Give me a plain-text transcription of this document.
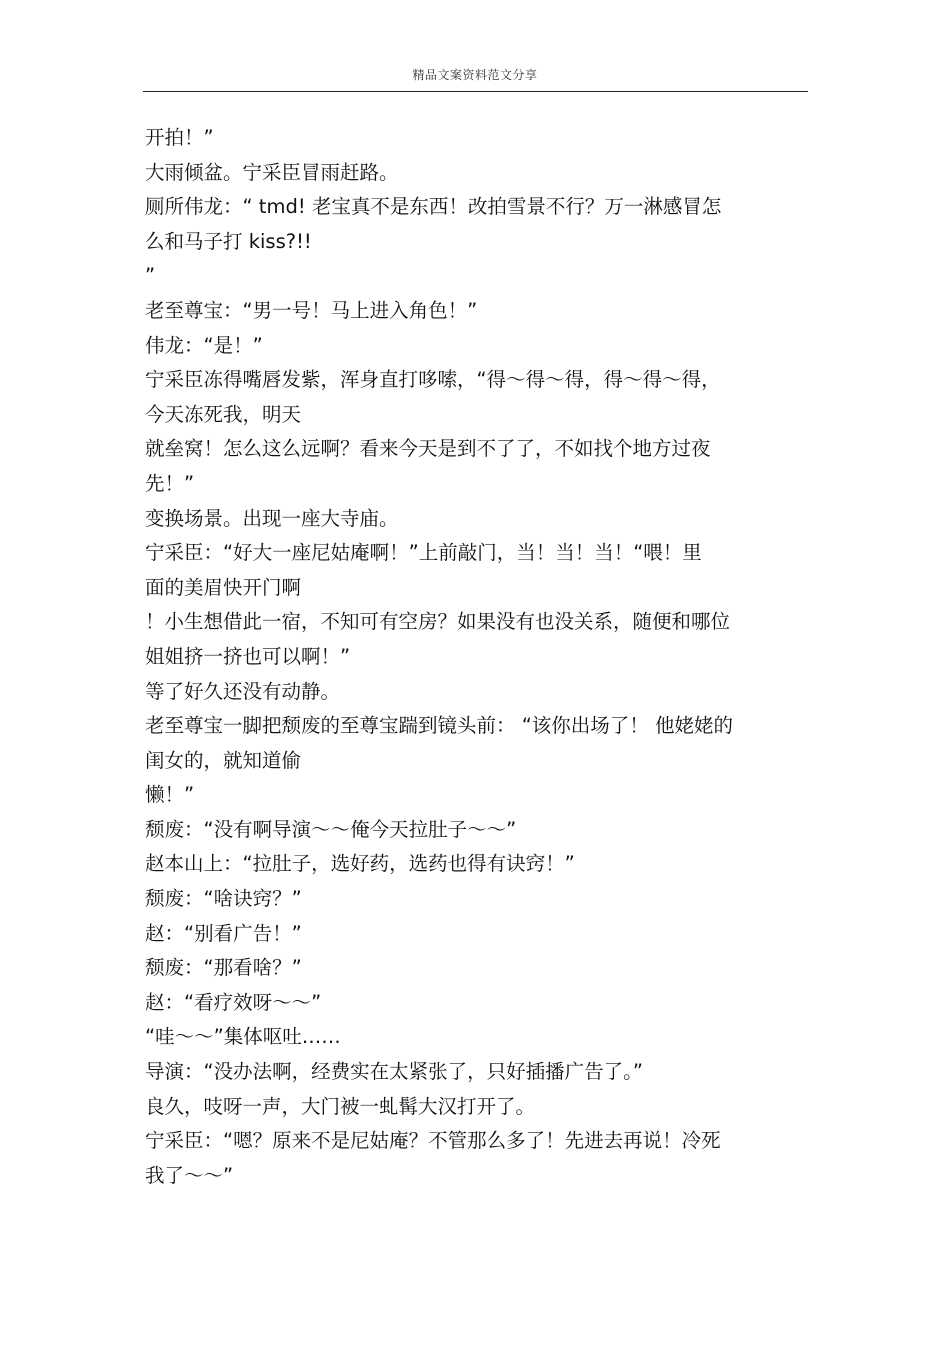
精品文案资料范文分享
开拍！”
大雨倾盆。宁采臣冒雨赶路。
厕所伟龙：“ tmd! 老宝真不是东西！改拍雪景不行？万一淋感冒怎
么和马子打 kiss?!!
”
老至尊宝：“男一号！马上进入角色！”
伟龙：“是！”
宁采臣冻得嘴唇发紫，浑身直打哆嗦，“得～得～得，得～得～得，
今天冻死我，明天
就垒窝！怎么这么远啊？看来今天是到不了了，不如找个地方过夜
先！”
变换场景。出现一座大寺庙。
宁采臣：“好大一座尼姑庵啊！”上前敲门，当！当！当！“喂！里
面的美眉快开门啊
！小生想借此一宿，不知可有空房？如果没有也没关系，随便和哪位
姐姐挤一挤也可以啊！”
等了好久还没有动静。
老至尊宝一脚把颓废的至尊宝踹到镜头前： “该你出场了！ 他姥姥的
闺女的，就知道偷
懒！”
颓废：“没有啊导演～～俺今天拉肚子～～”
赵本山上：“拉肚子，选好药，选药也得有诀窍！”
颓废：“啥诀窍？”
赵：“别看广告！”
颓废：“那看啥？”
赵：“看疗效呀～～”
“哇～～”集体呕吐……
导演：“没办法啊，经费实在太紧张了，只好插播广告了。”
良久，吱呀一声，大门被一虬髯大汉打开了。
宁采臣：“嗯？原来不是尼姑庵？不管那么多了！先进去再说！冷死
我了～～”
